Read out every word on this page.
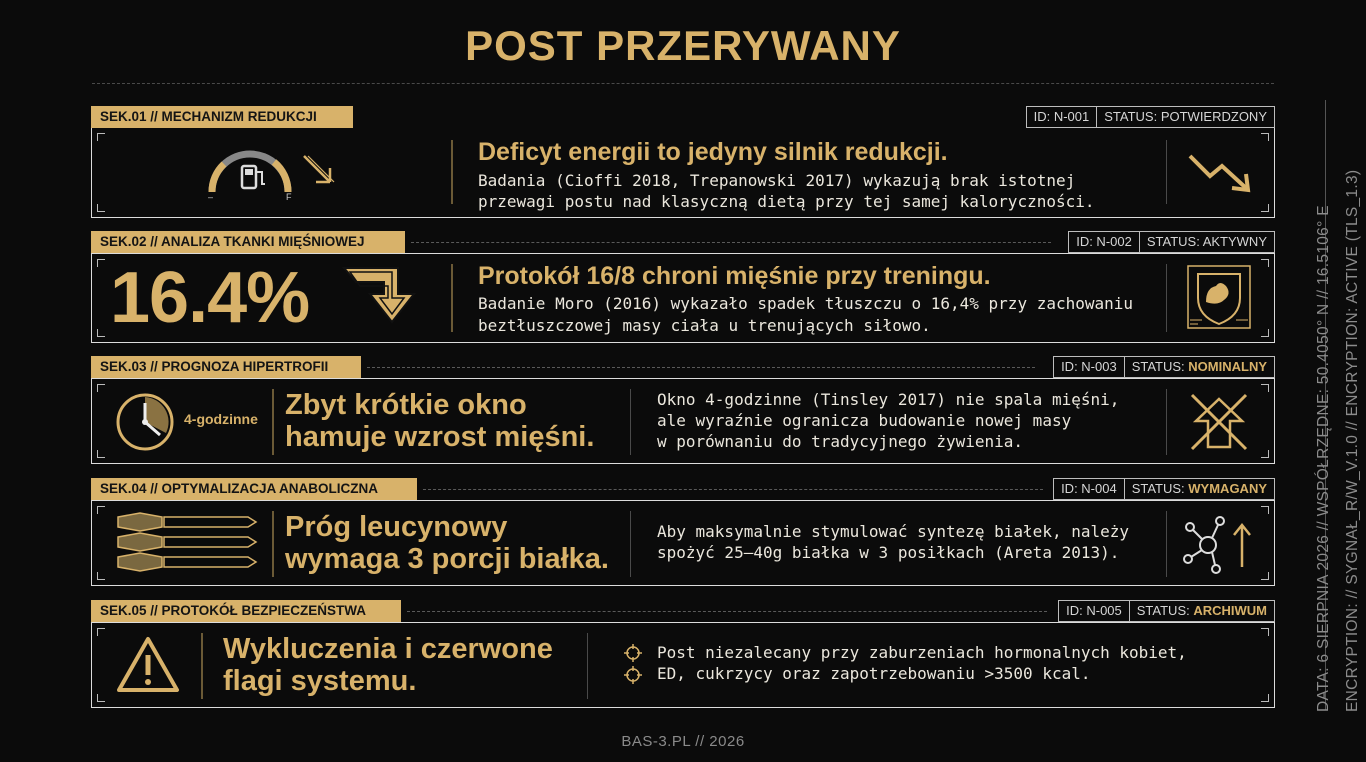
POST PRZERYWANY
SEK.01 // MECHANIZM REDUKCJI	ID: N-001	STATUS: POTWIERDZONY
–	F
Deficyt energii to jedyny silnik redukcji.
Badania (Cioffi 2018, Trepanowski 2017) wykazują brak istotnej
przewagi postu nad klasyczną dietą przy tej samej kaloryczności.
SEK.02 // ANALIZA TKANKI MIĘŚNIOWEJ	ID: N-002	STATUS: AKTYWNY
16.4%	Protokół 16/8 chroni mięśnie przy treningu.
Badanie Moro (2016) wykazało spadek tłuszczu o 16,4% przy zachowaniu
beztłuszczowej masy ciała u trenujących siłowo.
SEK.03 // PROGNOZA HIPERTROFII	ID: N-003	STATUS: NOMINALNY
4-godzinne Zbyt krótkie okno
hamuje wzrost mięśni.
Okno 4-godzinne (Tinsley 2017) nie spala mięśni,
ale wyraźnie ogranicza budowanie nowej masy
w porównaniu do tradycyjnego żywienia.
SEK.04 // OPTYMALIZACJA ANABOLICZNA	ID: N-004	STATUS: WYMAGANY
Próg leucynowy
wymaga 3 porcji białka.
Aby maksymalnie stymulować syntezę białek, należy
spożyć 25–40g białka w 3 posiłkach (Areta 2013).
SEK.05 // PROTOKÓŁ BEZPIECZEŃSTWA	ID: N-005	STATUS: ARCHIWUM
Wykluczenia i czerwone
flagi systemu.
Post niezalecany przy zaburzeniach hormonalnych kobiet,
ED, cukrzycy oraz zapotrzebowaniu >3500 kcal.
BAS-3.PL // 2026
DATA: 6 SIERPNIA 2026 // WSPÓŁRZĘDNE: 50.4050° N // 16.5106° E ENCRYPTION: // SYGNAŁ_R/W_V.1.0 // ENCRYPTION: ACTIVE (TLS_1.3)
